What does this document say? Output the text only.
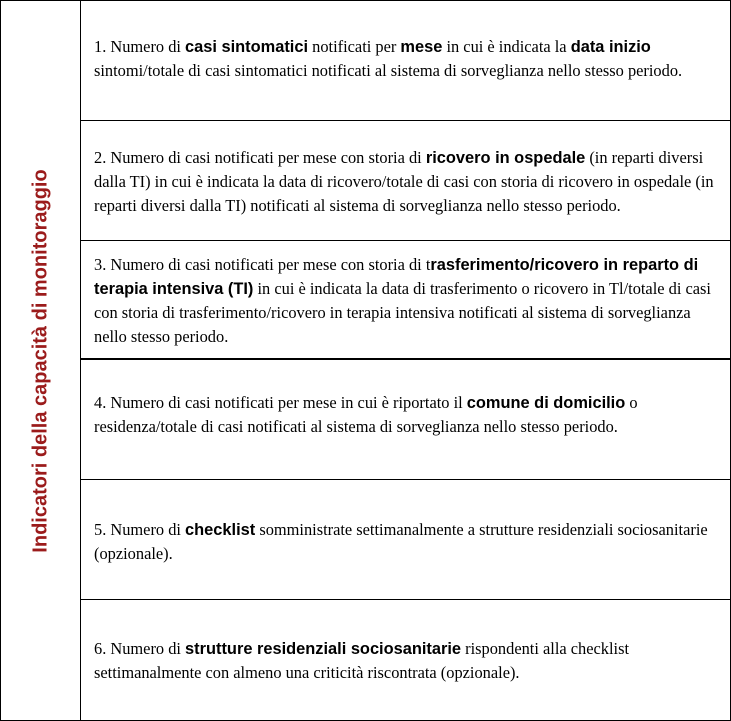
Indicatori della capacità di monitoraggio
1. Numero di casi sintomatici notificati per mese in cui è indicata la data inizio sintomi/totale di casi sintomatici notificati al sistema di sorveglianza nello stesso periodo.
2. Numero di casi notificati per mese con storia di ricovero in ospedale (in reparti diversi dalla TI) in cui è indicata la data di ricovero/totale di casi con storia di ricovero in ospedale (in reparti diversi dalla TI) notificati al sistema di sorveglianza nello stesso periodo.
3. Numero di casi notificati per mese con storia di trasferimento/ricovero in reparto di terapia intensiva (TI) in cui è indicata la data di trasferimento o ricovero in Tl/totale di casi con storia di trasferimento/ricovero in terapia intensiva notificati al sistema di sorveglianza nello stesso periodo.
4. Numero di casi notificati per mese in cui è riportato il comune di domicilio o residenza/totale di casi notificati al sistema di sorveglianza nello stesso periodo.
5. Numero di checklist somministrate settimanalmente a strutture residenziali sociosanitarie (opzionale).
6. Numero di strutture residenziali sociosanitarie rispondenti alla checklist settimanalmente con almeno una criticità riscontrata (opzionale).
